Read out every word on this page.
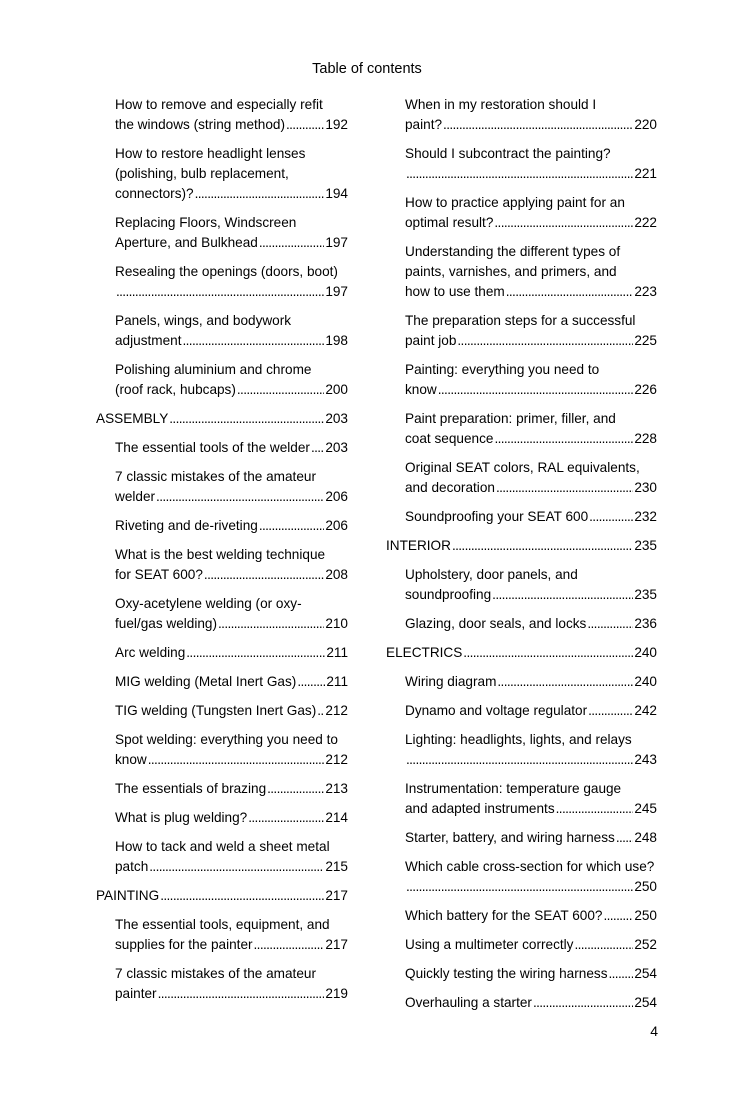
Table of contents
How to remove and especially refit
the windows (string method) . . .	192
How to restore headlight lenses
(polishing, bulb replacement,
connectors)? . . .	194
Replacing Floors, Windscreen
Aperture, and Bulkhead . . .	197
Resealing the openings (doors, boot)
. . .
197
Panels, wings, and bodywork
adjustment . . .	198
Polishing aluminium and chrome
(roof rack, hubcaps) . . .	200
ASSEMBLY . . .	203
The essential tools of the welder . . . 203
7 classic mistakes of the amateur
welder . . .	206
Riveting and de-riveting . . .	206
What is the best welding technique
for SEAT 600? . . .	208
Oxy-acetylene welding (or oxy-
fuel/gas welding) . . .	210
Arc welding . . .	211
MIG welding (Metal Inert Gas) . . . 211
TIG welding (Tungsten Inert Gas) . . . 212
Spot welding: everything you need to
know . . .	212
The essentials of brazing . . .	213
What is plug welding? . . .	214
How to tack and weld a sheet metal
patch . . .	215
PAINTING . . .	217
The essential tools, equipment, and
supplies for the painter . . .	217
7 classic mistakes of the amateur
painter . . .	219
When in my restoration should I
paint? . . .	220
Should I subcontract the painting?
. . .
221
How to practice applying paint for an
optimal result? . . .	222
Understanding the different types of
paints, varnishes, and primers, and
how to use them . . .	223
The preparation steps for a successful
paint job . . .	225
Painting: everything you need to
know . . .	226
Paint preparation: primer, filler, and
coat sequence . . .	228
Original SEAT colors, RAL equivalents,
and decoration . . .	230
Soundproofing your SEAT 600 . . .	232
INTERIOR . . .	235
Upholstery, door panels, and
soundproofing . . .	235
Glazing, door seals, and locks . . .	236
ELECTRICS . . .	240
Wiring diagram . . .	240
Dynamo and voltage regulator . . .	242
Lighting: headlights, lights, and relays
. . .
243
Instrumentation: temperature gauge
and adapted instruments . . .	245
Starter, battery, and wiring harness . . . 248
Which cable cross-section for which use?
. . .
250
Which battery for the SEAT 600? . . . 250
Using a multimeter correctly . . .	252
Quickly testing the wiring harness . . . 254
Overhauling a starter . . .	254
4
